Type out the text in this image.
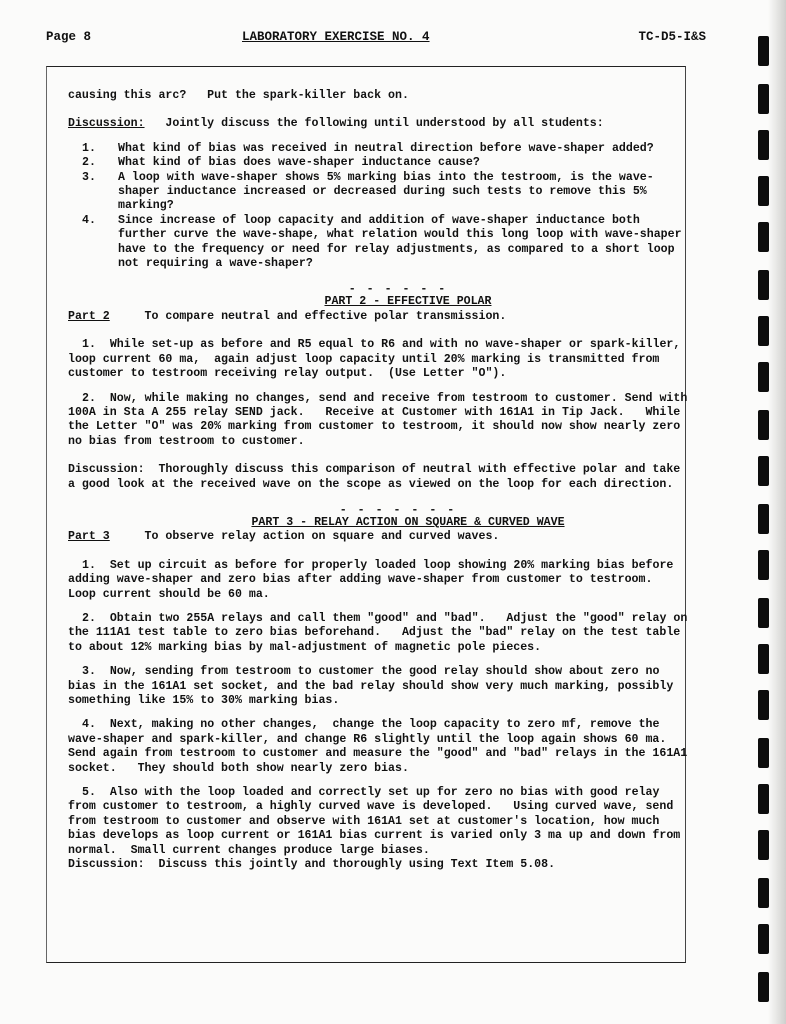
Page 8	LABORATORY EXERCISE NO. 4	TC-D5-I&S

causing this arc?   Put the spark-killer back on.

Discussion: Jointly discuss the following until understood by all students:

1.	What kind of bias was received in neutral direction before wave-shaper added?
2.	What kind of bias does wave-shaper inductance cause?
3.	A loop with wave-shaper shows 5% marking bias into the testroom, is the wave-shaper inductance increased or decreased during such tests to remove this 5% marking?
4.	Since increase of loop capacity and addition of wave-shaper inductance both further curve the wave-shape, what relation would this long loop with wave-shaper have to the frequency or need for relay adjustments, as compared to a short loop not requiring a wave-shaper?
- - - - - -
PART 2 - EFFECTIVE POLAR

Part 2	To compare neutral and effective polar transmission.

1.  While set-up as before and R5 equal to R6 and with no wave-shaper or spark-killer, loop current 60 ma,  again adjust loop capacity until 20% marking is transmitted from customer to testroom receiving relay output.  (Use Letter "O").

2.  Now, while making no changes, send and receive from testroom to customer. Send with 100A in Sta A 255 relay SEND jack.   Receive at Customer with 161A1 in Tip Jack.   While the Letter "O" was 20% marking from customer to testroom, it should now show nearly zero no bias from testroom to customer.

Discussion: Thoroughly discuss this comparison of neutral with effective polar and take a good look at the received wave on the scope as viewed on the loop for each direction.

- - - - - - -
PART 3 - RELAY ACTION ON SQUARE & CURVED WAVE

Part 3	To observe relay action on square and curved waves.

1.  Set up circuit as before for properly loaded loop showing 20% marking bias before adding wave-shaper and zero bias after adding wave-shaper from customer to testroom.   Loop current should be 60 ma.

2.  Obtain two 255A relays and call them "good" and "bad".   Adjust the "good" relay on the 111A1 test table to zero bias beforehand.   Adjust the "bad" relay on the test table to about 12% marking bias by mal-adjustment of magnetic pole pieces.

3.  Now, sending from testroom to customer the good relay should show about zero no bias in the 161A1 set socket, and the bad relay should show very much marking, possibly something like 15% to 30% marking bias.

4.  Next, making no other changes,  change the loop capacity to zero mf, remove the wave-shaper and spark-killer, and change R6 slightly until the loop again shows 60 ma.   Send again from testroom to customer and measure the "good" and "bad" relays in the 161A1 socket.   They should both show nearly zero bias.

5.  Also with the loop loaded and correctly set up for zero no bias with good relay from customer to testroom, a highly curved wave is developed.   Using curved wave, send from testroom to customer and observe with 161A1 set at customer's location, how much bias develops as loop current or 161A1 bias current is varied only 3 ma up and down from normal.  Small current changes produce large biases.

Discussion: Discuss this jointly and thoroughly using Text Item 5.08.
